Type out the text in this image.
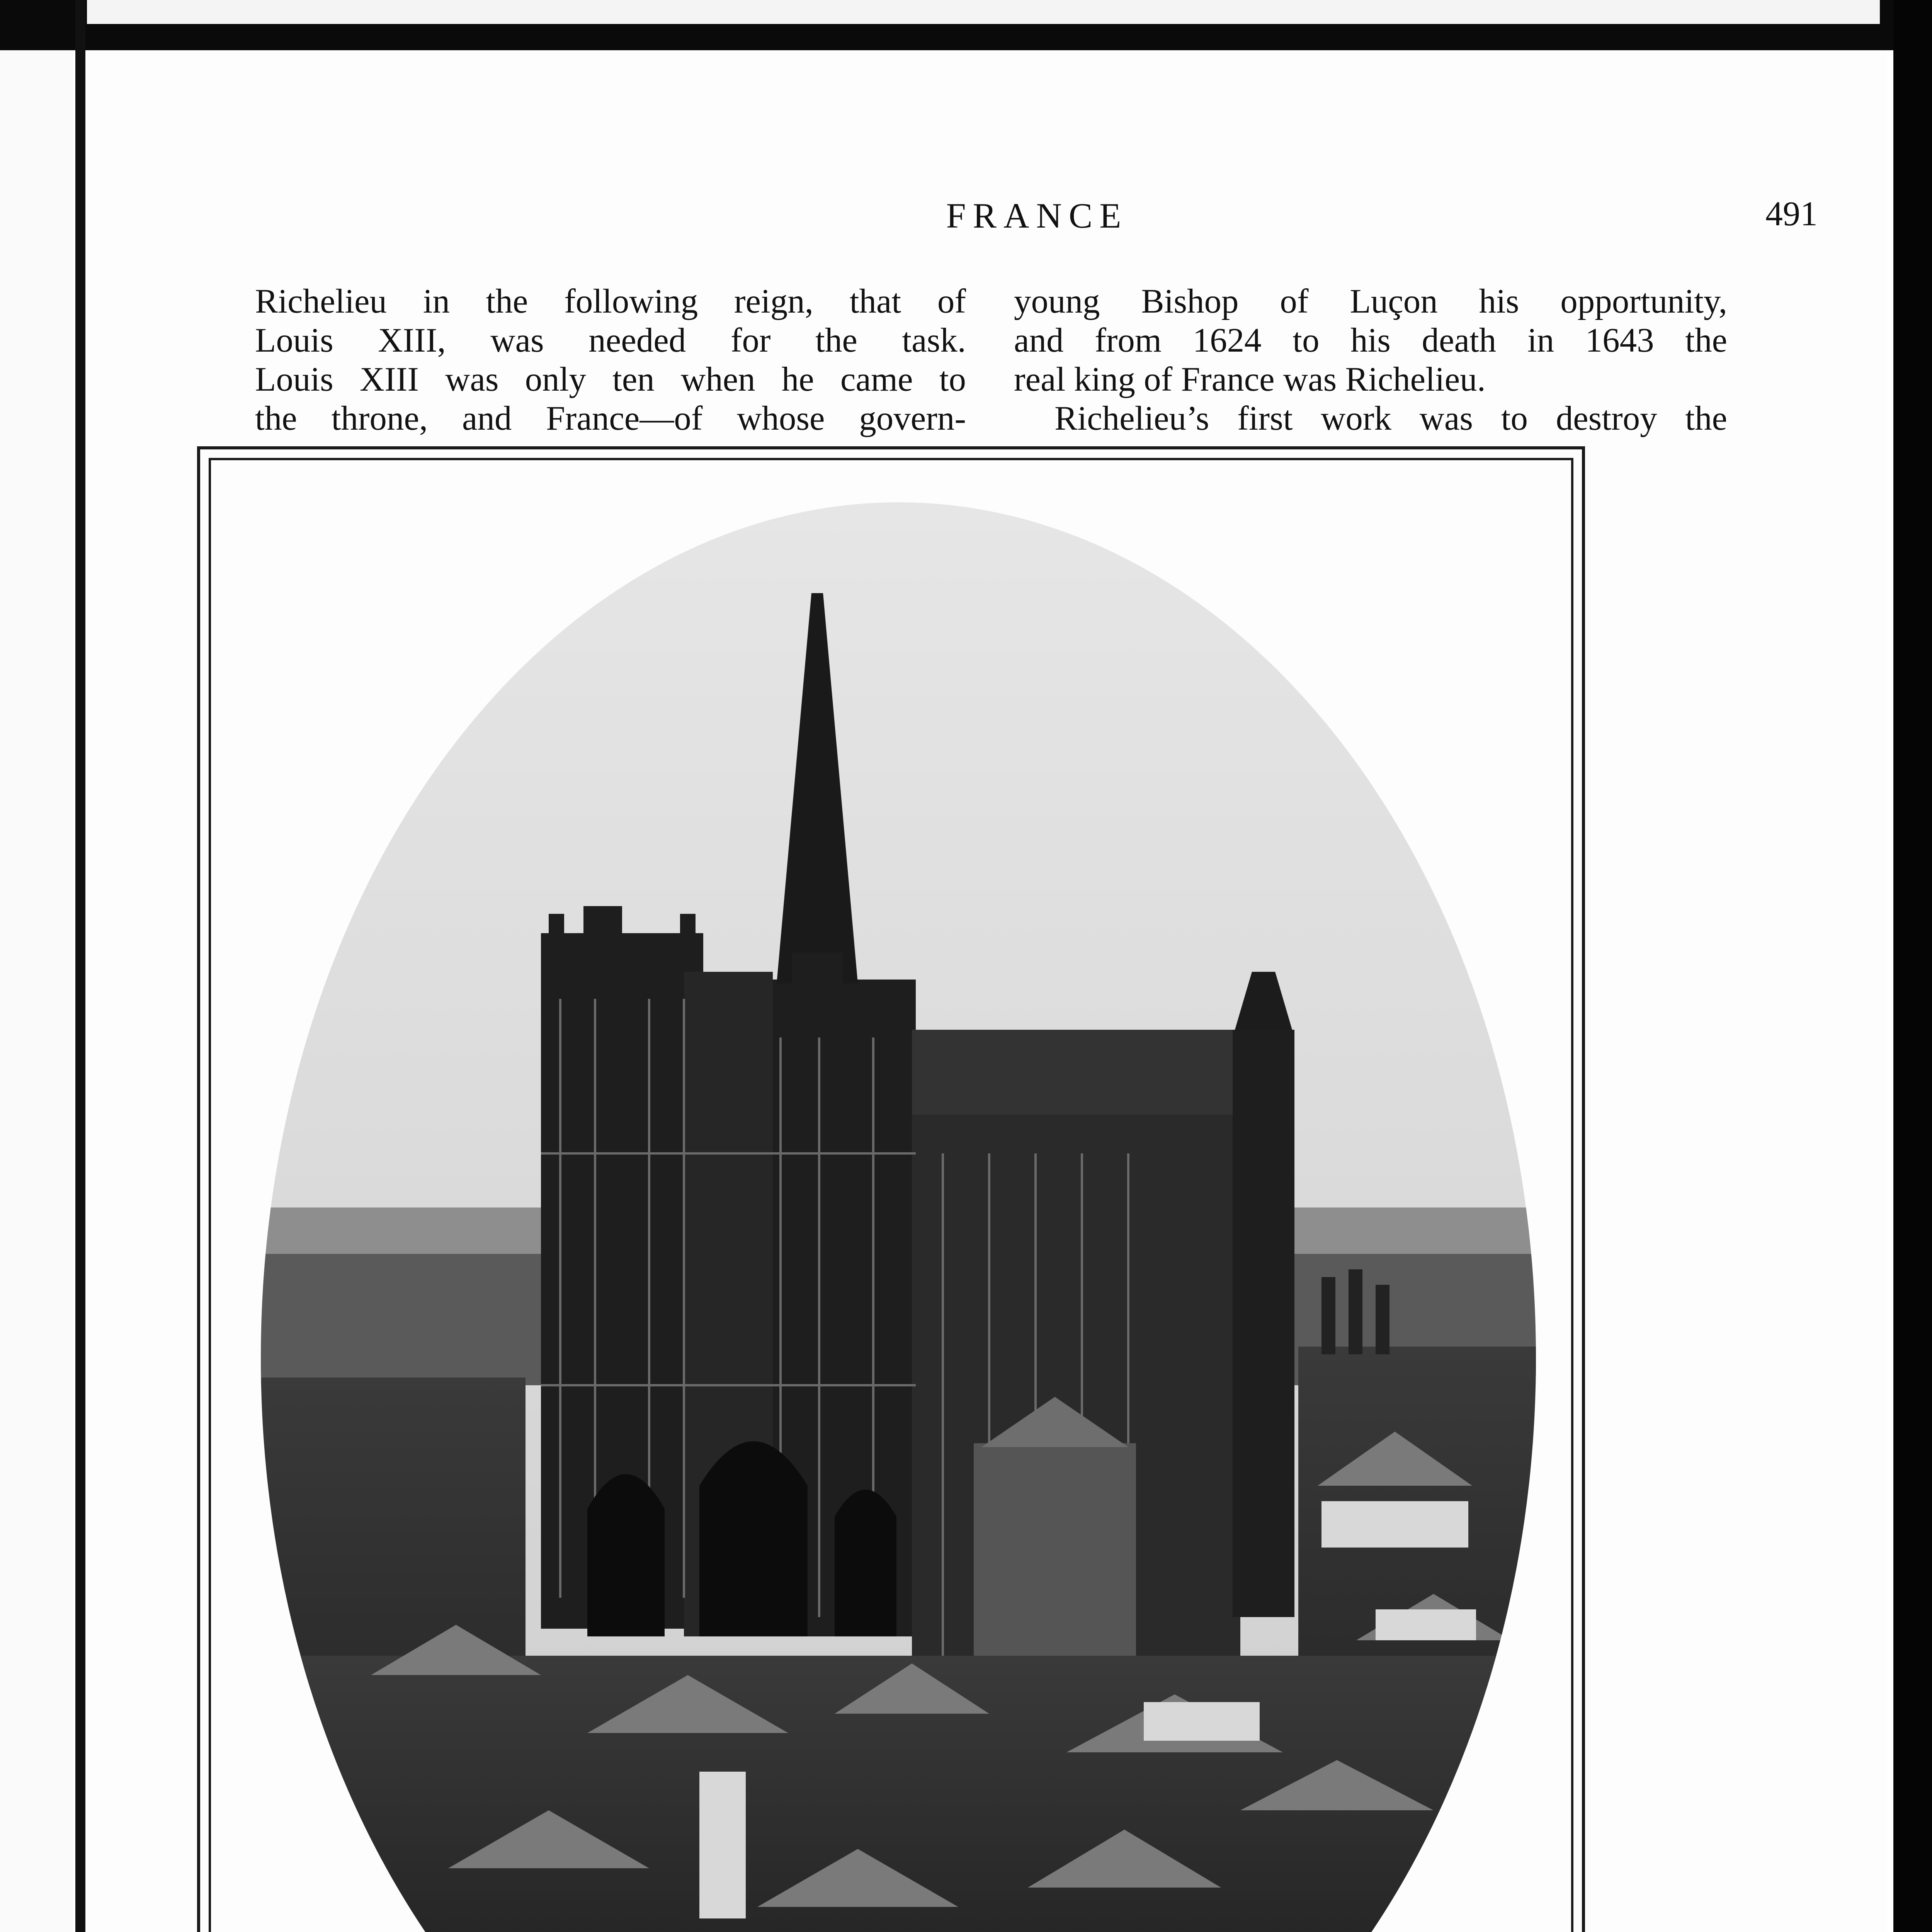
FRANCE	491
Richelieu in the following reign, that of
Louis XIII, was needed for the task.
Louis XIII was only ten when he came to
the throne, and France—of whose govern-
young Bishop of Luçon his opportunity,
and from 1624 to his death in 1643 the
real king of France was Richelieu.
Richelieu’s first work was to destroy the
